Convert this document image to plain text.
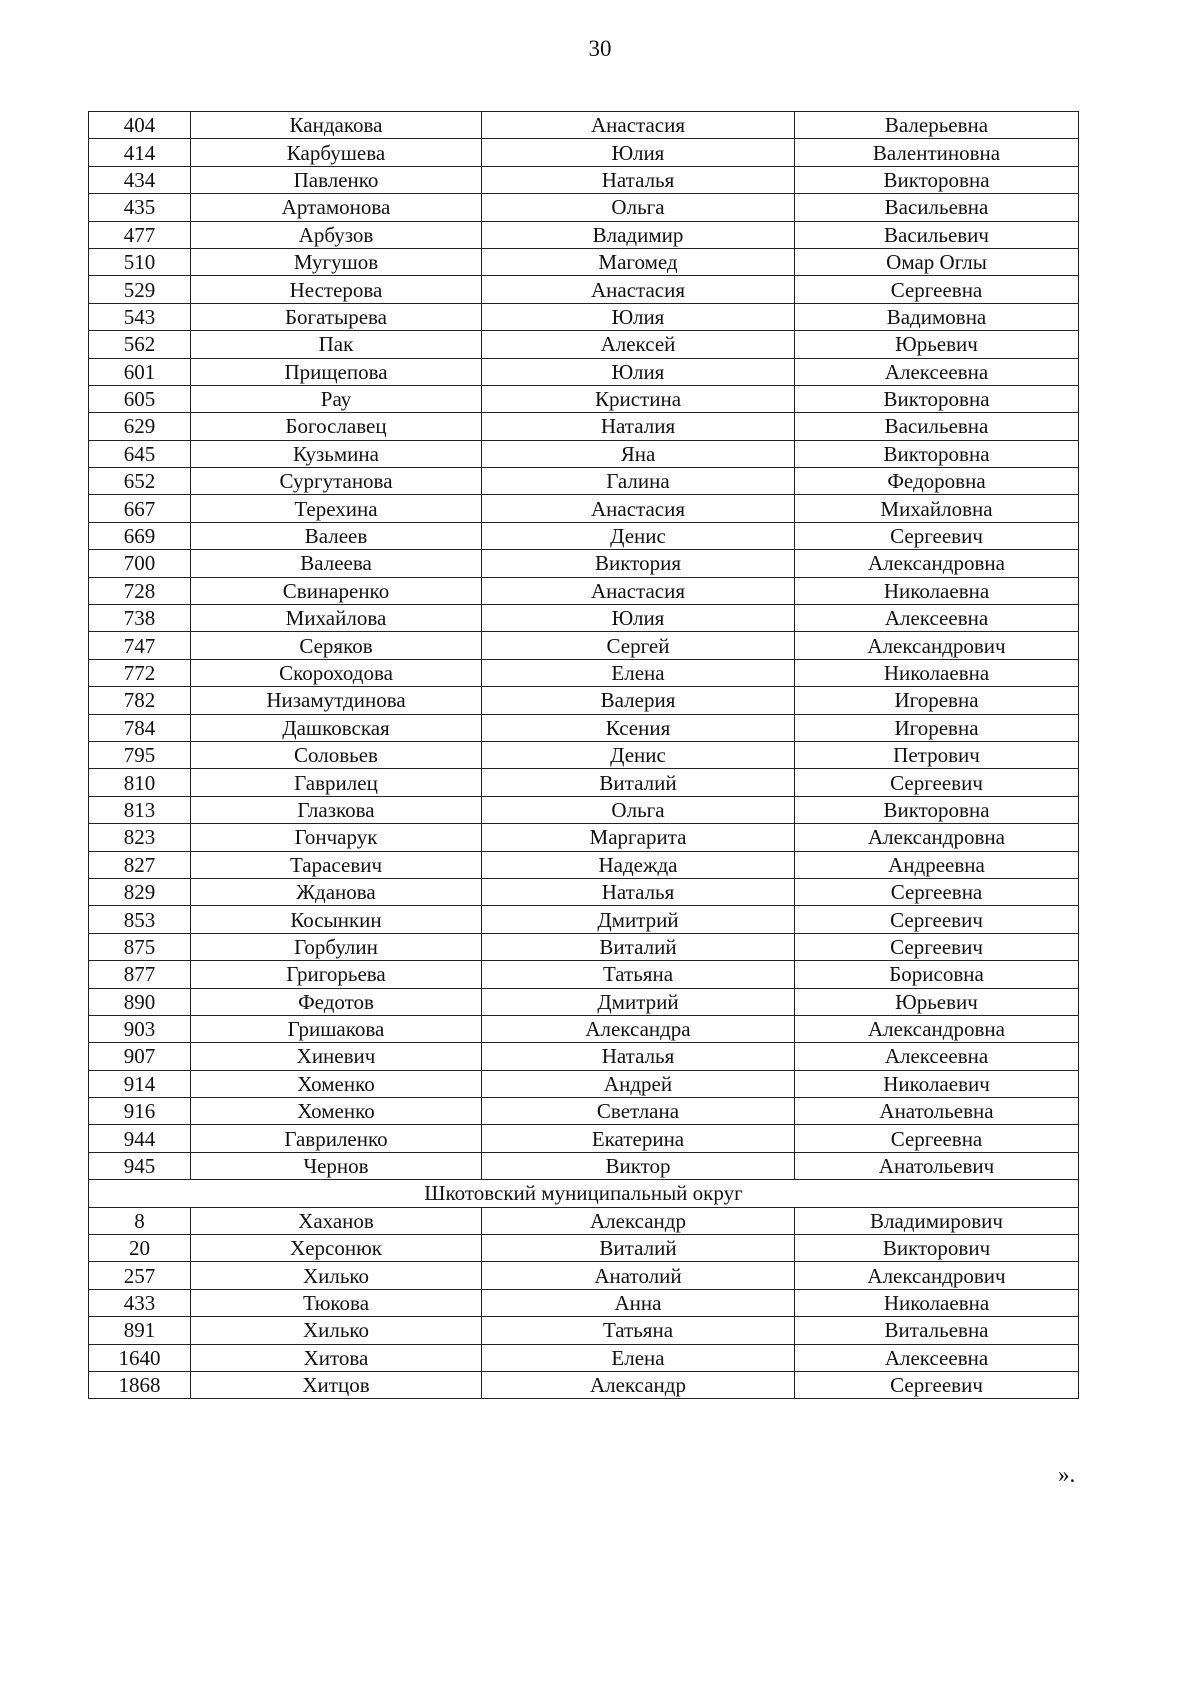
30
404	Кандакова	Анастасия	Валерьевна
414	Карбушева	Юлия	Валентиновна
434	Павленко	Наталья	Викторовна
435	Артамонова	Ольга	Васильевна
477	Арбузов	Владимир	Васильевич
510	Мугушов	Магомед	Омар Оглы
529	Нестерова	Анастасия	Сергеевна
543	Богатырева	Юлия	Вадимовна
562	Пак	Алексей	Юрьевич
601	Прищепова	Юлия	Алексеевна
605	Рау	Кристина	Викторовна
629	Богославец	Наталия	Васильевна
645	Кузьмина	Яна	Викторовна
652	Сургутанова	Галина	Федоровна
667	Терехина	Анастасия	Михайловна
669	Валеев	Денис	Сергеевич
700	Валеева	Виктория	Александровна
728	Свинаренко	Анастасия	Николаевна
738	Михайлова	Юлия	Алексеевна
747	Серяков	Сергей	Александрович
772	Скороходова	Елена	Николаевна
782	Низамутдинова	Валерия	Игоревна
784	Дашковская	Ксения	Игоревна
795	Соловьев	Денис	Петрович
810	Гаврилец	Виталий	Сергеевич
813	Глазкова	Ольга	Викторовна
823	Гончарук	Маргарита	Александровна
827	Тарасевич	Надежда	Андреевна
829	Жданова	Наталья	Сергеевна
853	Косынкин	Дмитрий	Сергеевич
875	Горбулин	Виталий	Сергеевич
877	Григорьева	Татьяна	Борисовна
890	Федотов	Дмитрий	Юрьевич
903	Гришакова	Александра	Александровна
907	Хиневич	Наталья	Алексеевна
914	Хоменко	Андрей	Николаевич
916	Хоменко	Светлана	Анатольевна
944	Гавриленко	Екатерина	Сергеевна
945	Чернов	Виктор	Анатольевич
Шкотовский муниципальный округ			
8	Хаханов	Александр	Владимирович
20	Херсонюк	Виталий	Викторович
257	Хилько	Анатолий	Александрович
433	Тюкова	Анна	Николаевна
891	Хилько	Татьяна	Витальевна
1640	Хитова	Елена	Алексеевна
1868	Хитцов	Александр	Сергеевич
».
